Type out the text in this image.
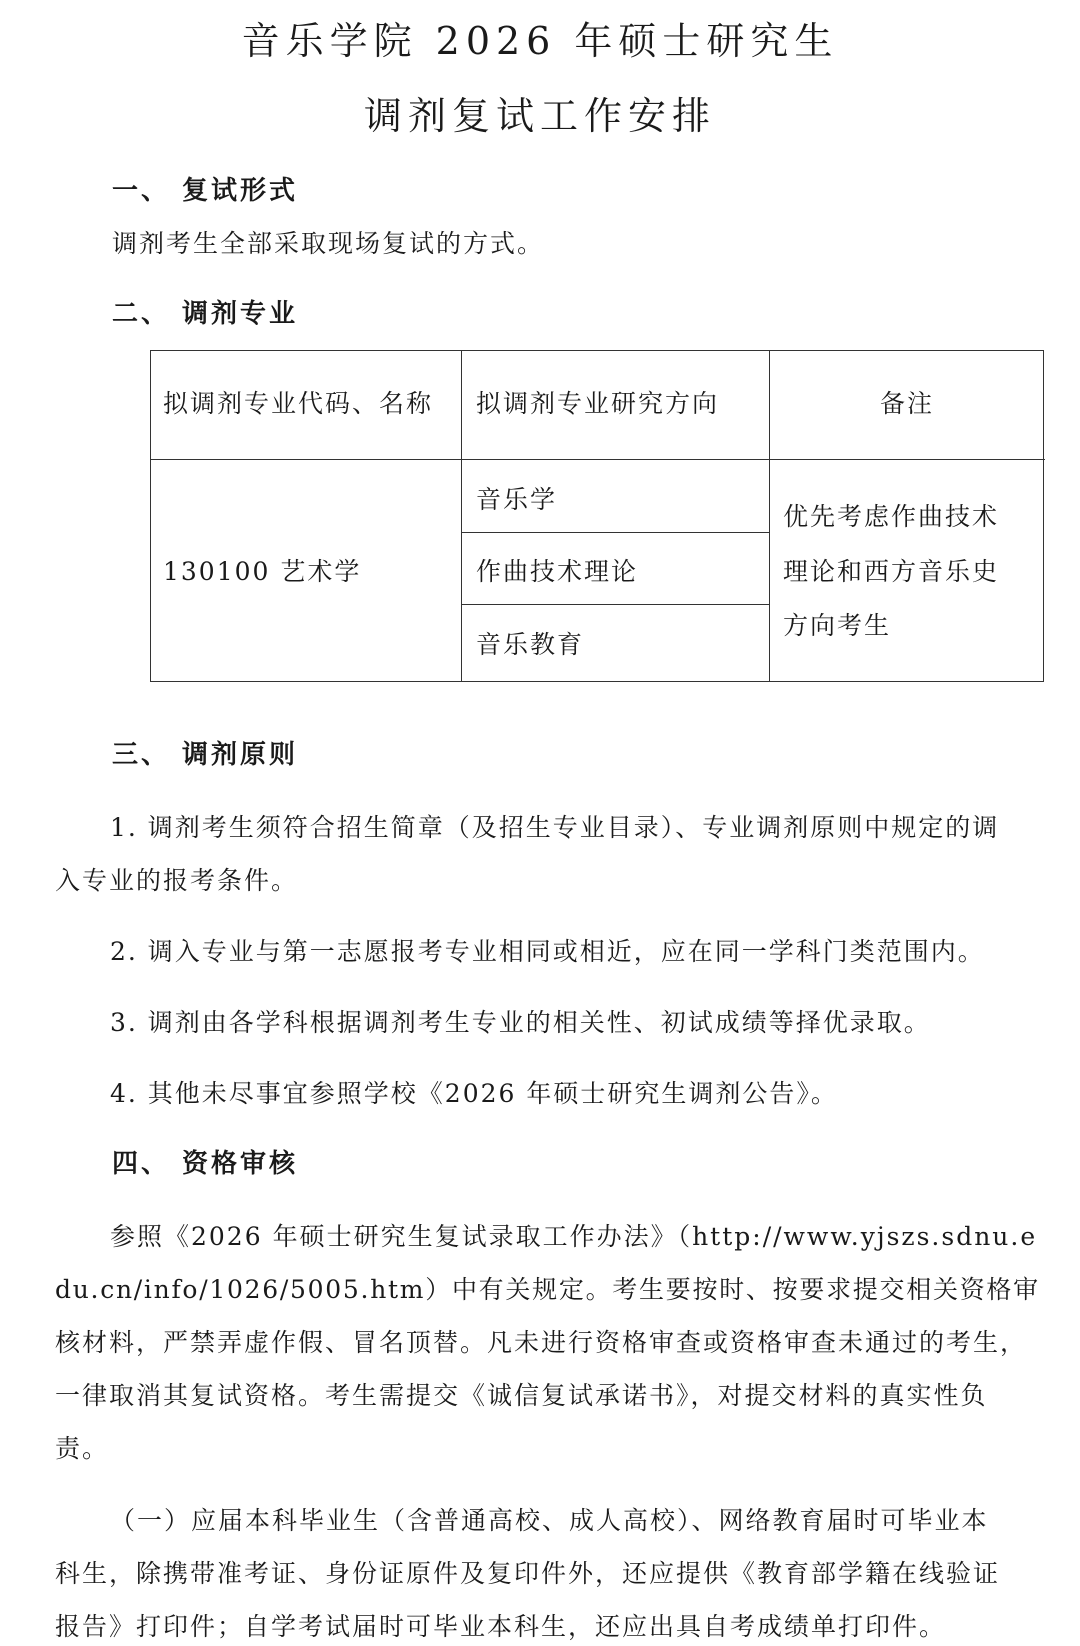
音乐学院 2026 年硕士研究生
调剂复试工作安排
一、 复试形式
调剂考生全部采取现场复试的方式。
二、 调剂专业
拟调剂专业代码、名称 拟调剂专业研究方向	备注
130100 艺术学
音乐学
作曲技术理论
音乐教育
优先考虑作曲技术
理论和西方音乐史
方向考生
三、 调剂原则
1. 调剂考生须符合招生简章（及招生专业目录）、专业调剂原则中规定的调
入专业的报考条件。
2. 调入专业与第一志愿报考专业相同或相近，应在同一学科门类范围内。
3. 调剂由各学科根据调剂考生专业的相关性、初试成绩等择优录取。
4. 其他未尽事宜参照学校《2026 年硕士研究生调剂公告》。
四、 资格审核
参照《2026 年硕士研究生复试录取工作办法》（http://www.yjszs.sdnu.e
du.cn/info/1026/5005.htm）中有关规定。考生要按时、按要求提交相关资格审
核材料，严禁弄虚作假、冒名顶替。凡未进行资格审查或资格审查未通过的考生，
一律取消其复试资格。考生需提交《诚信复试承诺书》，对提交材料的真实性负
责。
（一）应届本科毕业生（含普通高校、成人高校）、网络教育届时可毕业本
科生，除携带准考证、身份证原件及复印件外，还应提供《教育部学籍在线验证
报告》打印件；自学考试届时可毕业本科生，还应出具自考成绩单打印件。
